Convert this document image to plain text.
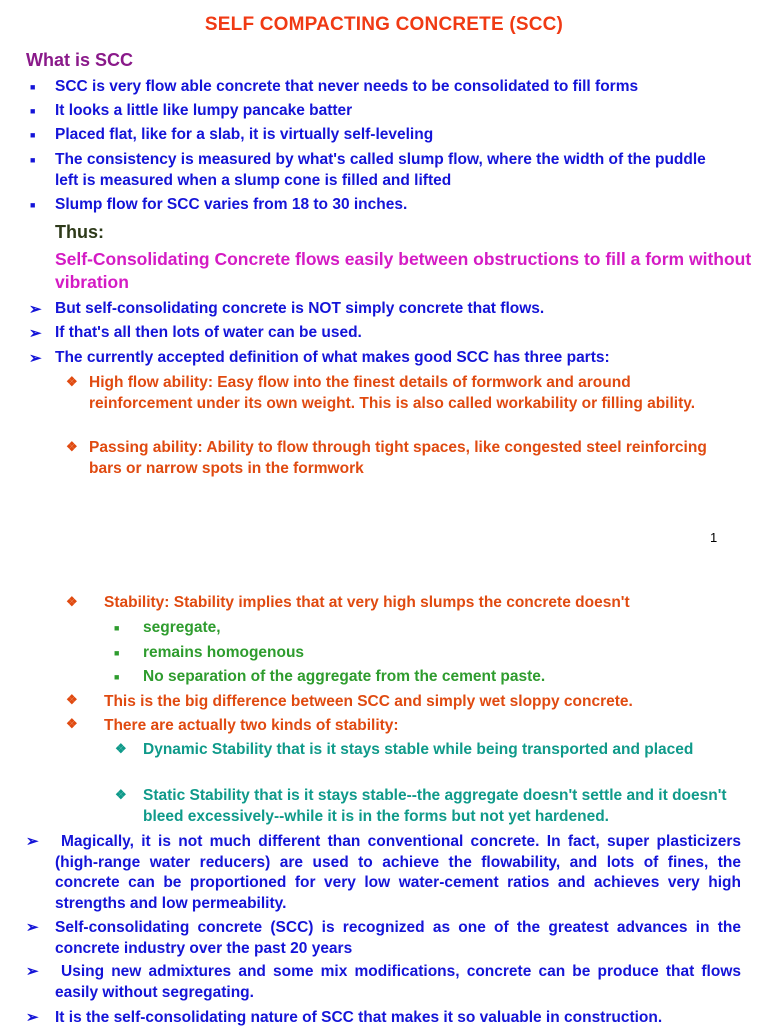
SELF COMPACTING CONCRETE (SCC)
What is SCC
■ SCC is very flow able concrete that never needs to be consolidated to fill forms
■ It looks a little like lumpy pancake batter
■ Placed flat, like for a slab, it is virtually self-leveling
■ The consistency is measured by what's called slump flow, where the width of the puddle left is measured when a slump cone is filled and lifted
■ Slump flow for SCC varies from 18 to 30 inches.
Thus:
Self-Consolidating Concrete flows easily between obstructions to fill a form without vibration
➢ But self-consolidating concrete is NOT simply concrete that flows.
➢ If that's all then lots of water can be used.
➢ The currently accepted definition of what makes good SCC has three parts:
❖ High flow ability: Easy flow into the finest details of formwork and around reinforcement under its own weight. This is also called workability or filling ability.
❖ Passing ability: Ability to flow through tight spaces, like congested steel reinforcing bars or narrow spots in the formwork
1
❖ Stability: Stability implies that at very high slumps the concrete doesn't
■ segregate,
■ remains homogenous
■ No separation of the aggregate from the cement paste.
❖ This is the big difference between SCC and simply wet sloppy concrete.
❖ There are actually two kinds of stability:
❖ Dynamic Stability that is it stays stable while being transported and placed
❖ Static Stability that is it stays stable--the aggregate doesn't settle and it doesn't bleed excessively--while it is in the forms but not yet hardened.
➢	Magically, it is not much different than conventional concrete. In fact, super plasticizers (high-range water reducers) are used to achieve the flowability, and lots of fines, the concrete can be proportioned for very low water-cement ratios and achieves very high strengths and low permeability.
➢ Self-consolidating concrete (SCC) is recognized as one of the greatest advances in the concrete industry over the past 20 years
➢	Using new admixtures and some mix modifications, concrete can be produce that flows easily without segregating.
➢ It is the self-consolidating nature of SCC that makes it so valuable in construction.
